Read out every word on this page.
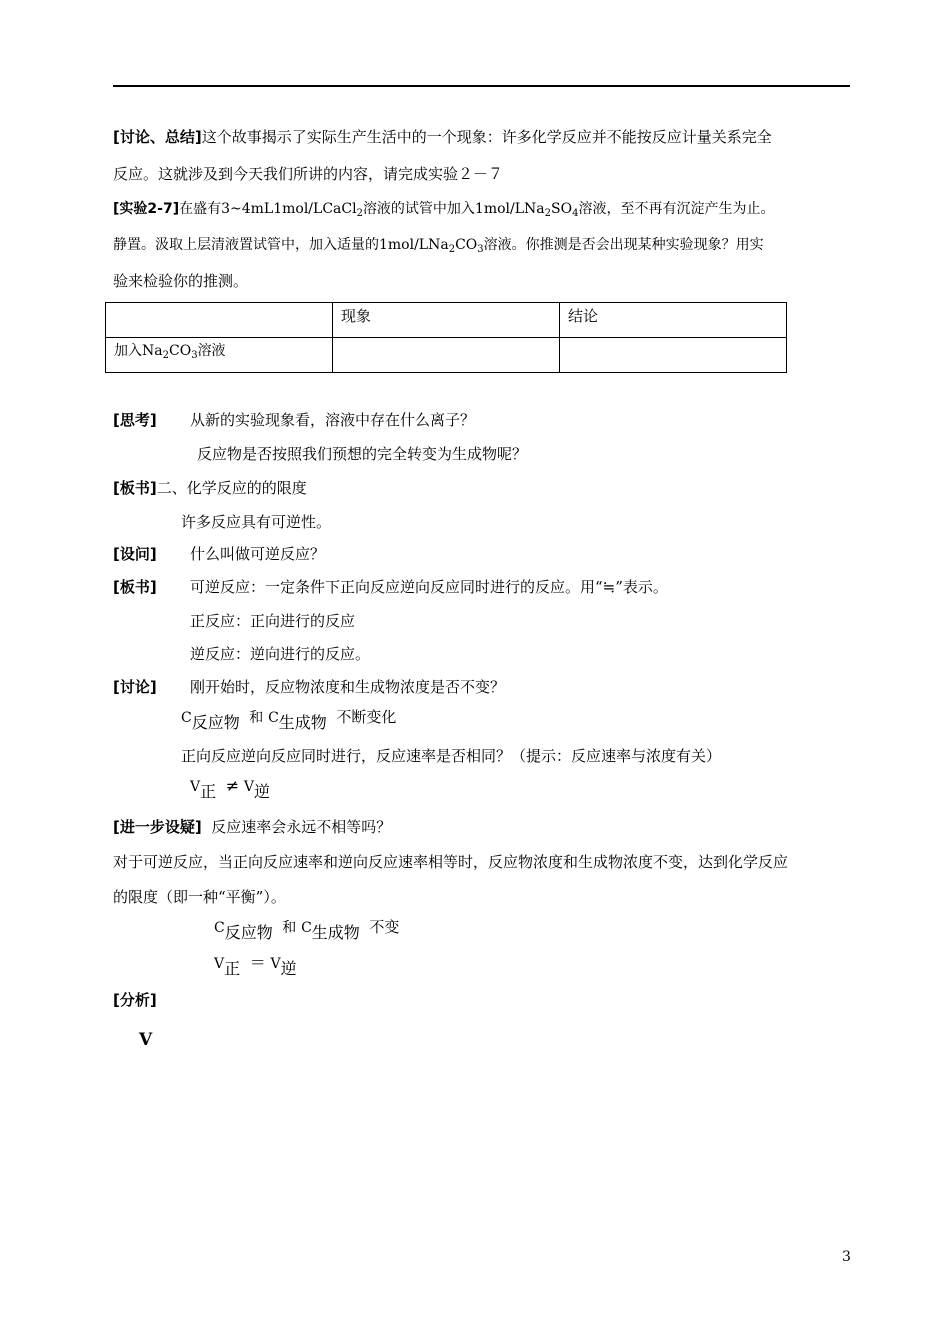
[讨论、总结]这个故事揭示了实际生产生活中的一个现象：许多化学反应并不能按反应计量关系完全
反应。这就涉及到今天我们所讲的内容，请完成实验２－７
[实验2-7]在盛有3~4mL1mol/LCaCl$_2$溶液的试管中加入$1mol/LNa_2SO_4$溶液，至不再有沉淀产生为止。
静置。汲取上层清液置试管中，加入适量的$1mol/LNa_2CO_3$溶液。你推测是否会出现某种实验现象？用实
验来检验你的推测。
	现象	结论
加入$Na_2CO_3$溶液		
[思考] 从新的实验现象看，溶液中存在什么离子？
反应物是否按照我们预想的完全转变为生成物呢？
[板书]二、化学反应的的限度
许多反应具有可逆性。
[设问] 什么叫做可逆反应？
[板书] 可逆反应：一定条件下正向反应逆向反应同时进行的反应。用“≒”表示。
正反应：正向进行的反应
逆反应：逆向进行的反应。
[讨论] 刚开始时，反应物浓度和生成物浓度是否不变？
C反应物 和 C生成物 不断变化
正向反应逆向反应同时进行，反应速率是否相同？（提示：反应速率与浓度有关）
V正 ≠ V逆
[进一步设疑] 反应速率会永远不相等吗？
对于可逆反应，当正向反应速率和逆向反应速率相等时，反应物浓度和生成物浓度不变，达到化学反应
的限度（即一种“平衡”）。
C反应物 和 C生成物 不变
V正 ＝ V逆
[分析]
V
3
